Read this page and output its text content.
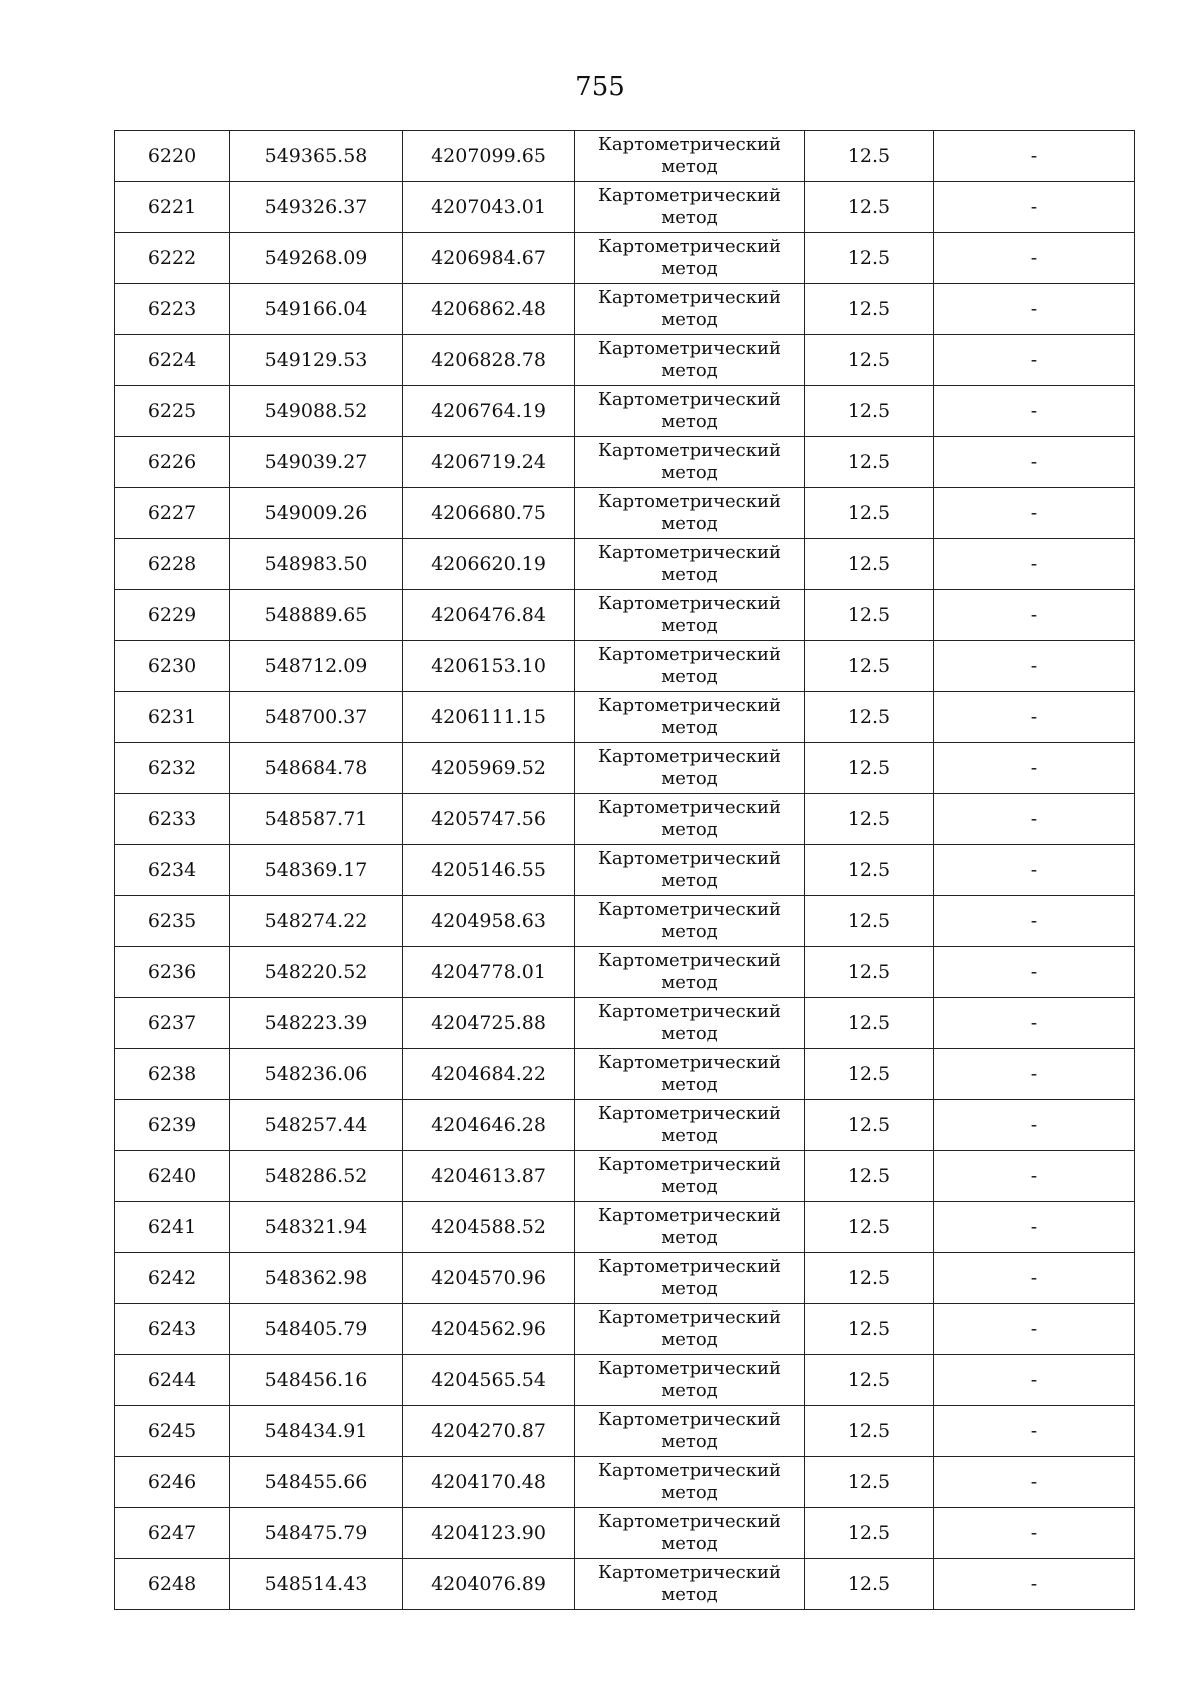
755
6220	549365.58	4207099.65	Картометрический
метод	12.5	-
6221	549326.37	4207043.01	Картометрический
метод	12.5	-
6222	549268.09	4206984.67	Картометрический
метод	12.5	-
6223	549166.04	4206862.48	Картометрический
метод	12.5	-
6224	549129.53	4206828.78	Картометрический
метод	12.5	-
6225	549088.52	4206764.19	Картометрический
метод	12.5	-
6226	549039.27	4206719.24	Картометрический
метод	12.5	-
6227	549009.26	4206680.75	Картометрический
метод	12.5	-
6228	548983.50	4206620.19	Картометрический
метод	12.5	-
6229	548889.65	4206476.84	Картометрический
метод	12.5	-
6230	548712.09	4206153.10	Картометрический
метод	12.5	-
6231	548700.37	4206111.15	Картометрический
метод	12.5	-
6232	548684.78	4205969.52	Картометрический
метод	12.5	-
6233	548587.71	4205747.56	Картометрический
метод	12.5	-
6234	548369.17	4205146.55	Картометрический
метод	12.5	-
6235	548274.22	4204958.63	Картометрический
метод	12.5	-
6236	548220.52	4204778.01	Картометрический
метод	12.5	-
6237	548223.39	4204725.88	Картометрический
метод	12.5	-
6238	548236.06	4204684.22	Картометрический
метод	12.5	-
6239	548257.44	4204646.28	Картометрический
метод	12.5	-
6240	548286.52	4204613.87	Картометрический
метод	12.5	-
6241	548321.94	4204588.52	Картометрический
метод	12.5	-
6242	548362.98	4204570.96	Картометрический
метод	12.5	-
6243	548405.79	4204562.96	Картометрический
метод	12.5	-
6244	548456.16	4204565.54	Картометрический
метод	12.5	-
6245	548434.91	4204270.87	Картометрический
метод	12.5	-
6246	548455.66	4204170.48	Картометрический
метод	12.5	-
6247	548475.79	4204123.90	Картометрический
метод	12.5	-
6248	548514.43	4204076.89	Картометрический
метод	12.5	-
